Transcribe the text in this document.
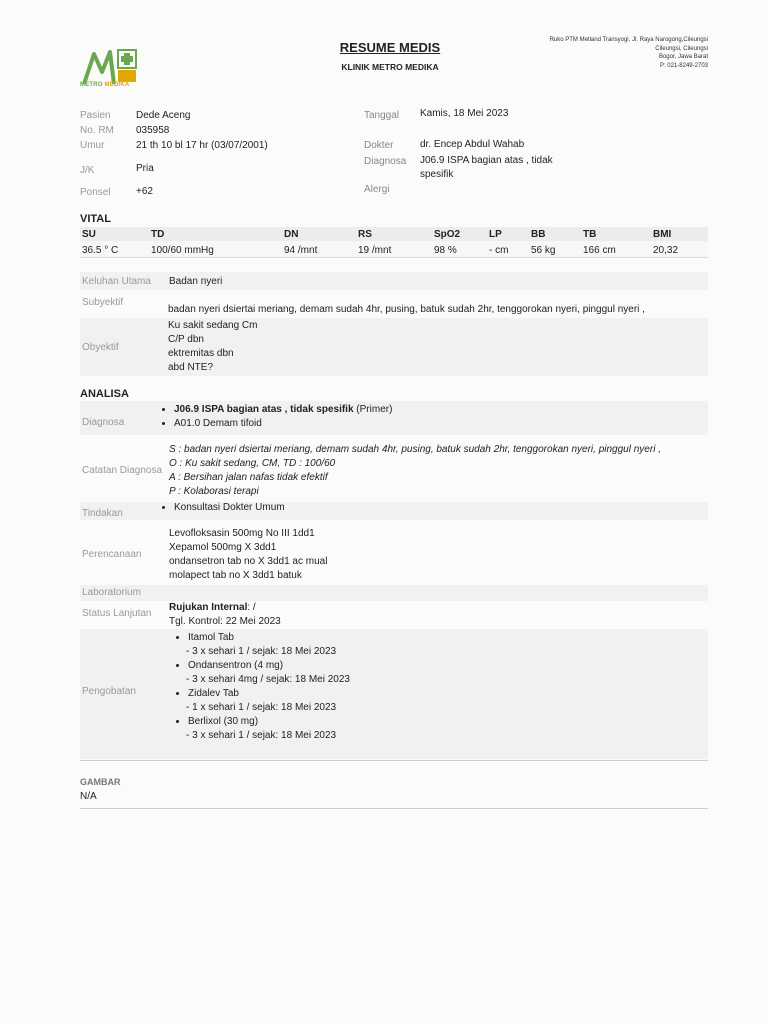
METRO MEDIKA
RESUME MEDIS
KLINIK METRO MEDIKA
Ruko PTM Metland Transyogi, Jl. Raya Narogong,Cileungsi
Cileungsi, Cileungsi
Bogor, Jawa Barat
P: 021-8249-2703
Pasien	Dede Aceng
No. RM 035958
Umur	21 th 10 bl 17 hr (03/07/2001)
J/K	Pria
Ponsel	+62
Tanggal Kamis, 18 Mei 2023
Dokter	dr. Encep Abdul Wahab
Diagnosa J06.9 ISPA bagian atas , tidak
spesifik
Alergi
VITAL
SU	TD	DN	RS	SpO2	LP	BB	TB	BMI
36.5 ° C	100/60 mmHg	94 /mnt	19 /mnt	98 %	- cm 56 kg	166 cm	20,32
Keluhan Utama Badan nyeri
Subyektif
badan nyeri dsiertai meriang, demam sudah 4hr, pusing, batuk sudah 2hr, tenggorokan nyeri, pinggul nyeri ,
Obyektif
Ku sakit sedang Cm
C/P dbn
ektremitas dbn
abd NTE?
ANALISA
Diagnosa
• J06.9 ISPA bagian atas , tidak spesifik (Primer)
• A01.0 Demam tifoid
Catatan Diagnosa
S : badan nyeri dsiertai meriang, demam sudah 4hr, pusing, batuk sudah 2hr, tenggorokan nyeri, pinggul nyeri ,
O : Ku sakit sedang, CM, TD : 100/60
A : Bersihan jalan nafas tidak efektif
P : Kolaborasi terapi
Tindakan
• Konsultasi Dokter Umum
Perencanaan
Levofloksasin 500mg No III 1dd1
Xepamol 500mg X 3dd1
ondansetron tab no X 3dd1 ac mual
molapect tab no X 3dd1 batuk
Laboratorium
Status Lanjutan
Rujukan Internal: /
Tgl. Kontrol: 22 Mei 2023
Pengobatan
• Itamol Tab
- 3 x sehari 1 / sejak: 18 Mei 2023
• Ondansentron (4 mg)
- 3 x sehari 4mg / sejak: 18 Mei 2023
• Zidalev Tab
- 1 x sehari 1 / sejak: 18 Mei 2023
• Berlixol (30 mg)
- 3 x sehari 1 / sejak: 18 Mei 2023
GAMBAR
N/A
